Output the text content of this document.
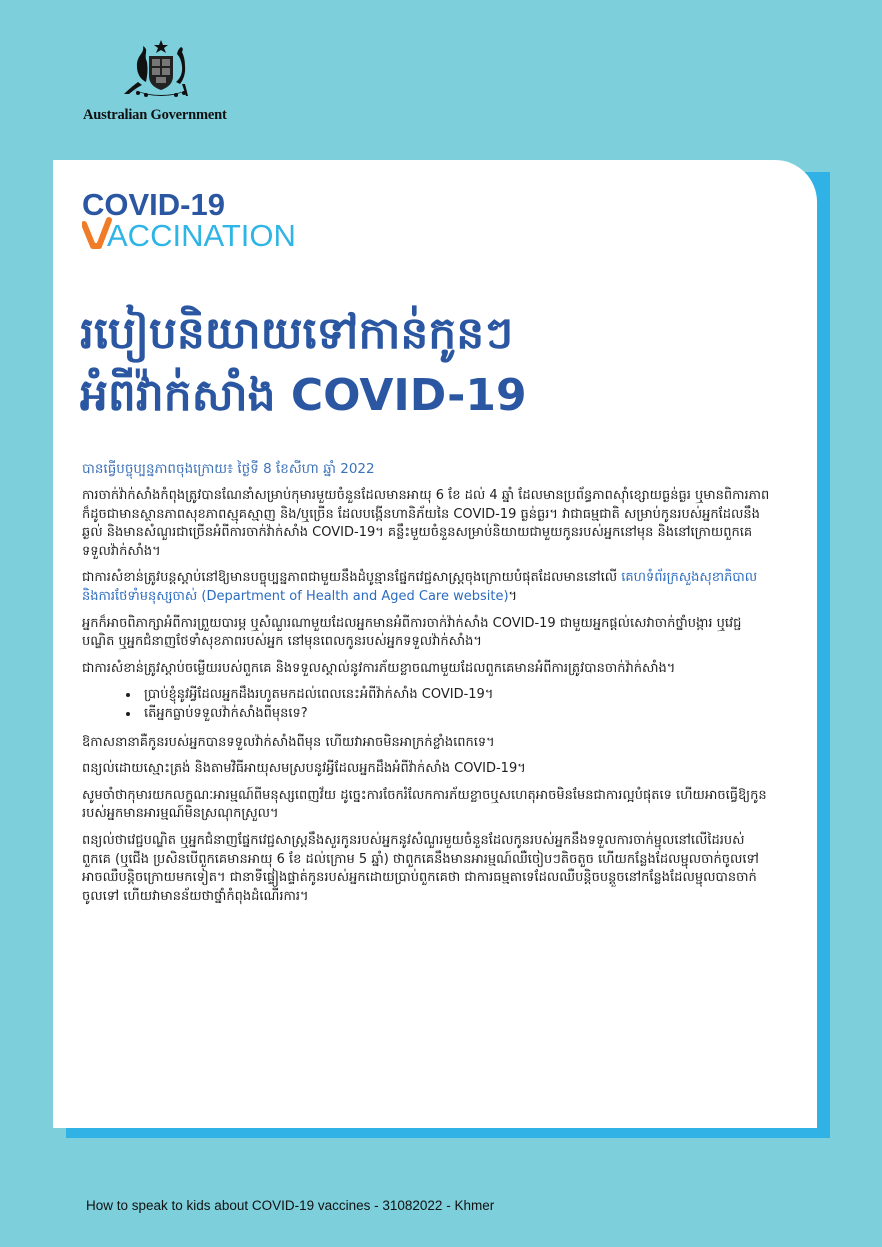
Australian Government
COVID-19
ACCINATION
របៀបនិយាយទៅកាន់កូនៗ
អំពីវ៉ាក់សាំង COVID-19

បានធ្វើបច្ចុប្បន្នភាពចុងក្រោយ៖ ថ្ងៃទី 8 ខែសីហា ឆ្នាំ 2022

ការចាក់វ៉ាក់សាំងកំពុងត្រូវបានណែនាំសម្រាប់កុមារមួយចំនួនដែលមានអាយុ 6 ខែ ដល់ 4 ឆ្នាំ ដែលមានប្រព័ន្ធភាពស៊ាំខ្សោយធ្ងន់ធ្ងរ ឬមានពិការភាព ក៏ដូចជាមានស្ថានភាពសុខភាពស្មុគស្មាញ និង/ឬច្រើន ដែលបង្កើនហានិភ័យនៃ COVID-19 ធ្ងន់ធ្ងរ។ វាជាធម្មជាតិ សម្រាប់កូនរបស់អ្នកដែលនឹងឆ្ងល់ និងមានសំណួរជាច្រើនអំពីការចាក់វ៉ាក់សាំង COVID-19។ គន្លឹះមួយចំនួនសម្រាប់និយាយជាមួយកូនរបស់អ្នកនៅមុន និងនៅក្រោយពួកគេទទួលវ៉ាក់សាំង។

ជាការសំខាន់ត្រូវបន្តស្ដាប់នៅឱ្យមានបច្ចុប្បន្នភាពជាមួយនឹងដំបូន្មានផ្នែកវេជ្ជសាស្ត្រចុងក្រោយបំផុតដែលមាននៅលើ គេហទំព័រក្រសួងសុខាភិបាល និងការថែទាំមនុស្សចាស់ (Department of Health and Aged Care website)។

អ្នកក៏អាចពិភាក្សាអំពីការព្រួយបារម្ភ ឬសំណួរណាមួយដែលអ្នកមានអំពីការចាក់វ៉ាក់សាំង COVID-19 ជាមួយអ្នកផ្ដល់សេវាចាក់ថ្នាំបង្ការ ឬវេជ្ជបណ្ឌិត ឬអ្នកជំនាញថែទាំសុខភាពរបស់អ្នក នៅមុនពេលកូនរបស់អ្នកទទួលវ៉ាក់សាំង។

ជាការសំខាន់ត្រូវស្ដាប់ចម្លើយរបស់ពួកគេ និងទទួលស្គាល់នូវការភ័យខ្លាចណាមួយដែលពួកគេមានអំពីការត្រូវបានចាក់វ៉ាក់សាំង។

• ប្រាប់ខ្ញុំនូវអ្វីដែលអ្នកដឹងរហូតមកដល់ពេលនេះអំពីវ៉ាក់សាំង COVID-19។
• តើអ្នកធ្លាប់ទទួលវ៉ាក់សាំងពីមុនទេ?

ឱកាសនានាគឺកូនរបស់អ្នកបានទទួលវ៉ាក់សាំងពីមុន ហើយវាអាចមិនអាក្រក់ខ្លាំងពេកទេ។

ពន្យល់ដោយស្មោះត្រង់ និងតាមវិធីអាយុសមស្របនូវអ្វីដែលអ្នកដឹងអំពីវ៉ាក់សាំង COVID-19។

សូមចាំថាកុមារយកលក្ខណៈអារម្មណ៍ពីមនុស្សពេញវ័យ ដូច្នេះការចែករំលែកការភ័យខ្លាចឬសហេតុអាចមិនមែនជាការល្អបំផុតទេ ហើយអាចធ្វើឱ្យកូនរបស់អ្នកមានអារម្មណ៍មិនស្រណុកស្រួល។

ពន្យល់ថាវេជ្ជបណ្ឌិត ឬអ្នកជំនាញផ្នែកវេជ្ជសាស្ត្រនឹងសួរកូនរបស់អ្នកនូវសំណួរមួយចំនួនដែលកូនរបស់អ្នកនឹងទទួលការចាក់ម្ជុលនៅលើដៃរបស់ពួកគេ (ឬជើង ប្រសិនបើពួកគេមានអាយុ 6 ខែ ដល់ក្រោម 5 ឆ្នាំ) ថាពួកគេនឹងមានអារម្មណ៍ឈឺចៀបៗតិចតួច ហើយកន្លែងដែលម្ជុលចាក់ចូលទៅអាចឈឺបន្តិចក្រោយមកទៀត។ ជានាទីផ្ទៀងផ្ទាត់កូនរបស់អ្នកដោយប្រាប់ពួកគេថា ជាការធម្មតាទេដែលឈឺបន្តិចបន្តួចនៅកន្លែងដែលម្ជុលបានចាក់ចូលទៅ ហើយវាមានន័យថាថ្នាំកំពុងដំណើរការ។

How to speak to kids about COVID-19 vaccines - 31082022 - Khmer
